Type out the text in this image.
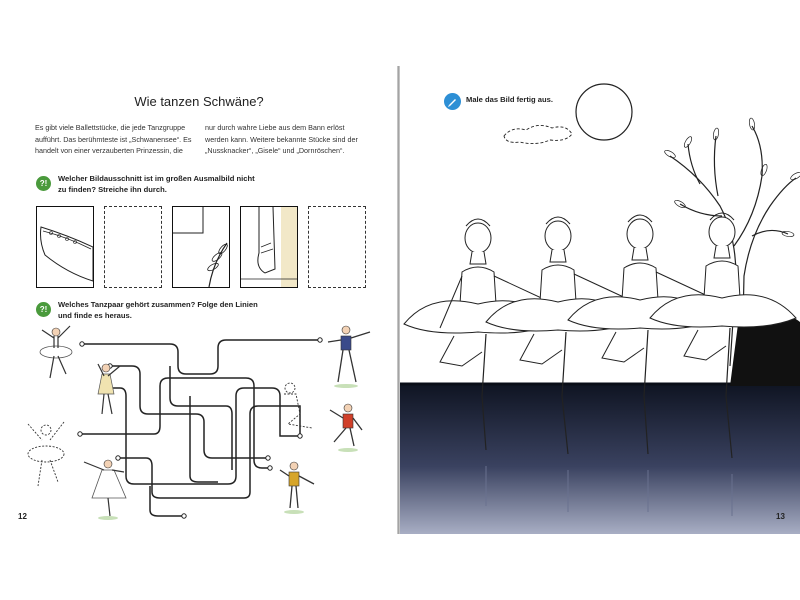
Wie tanzen Schwäne?
Es gibt viele Ballettstücke, die jede Tanzgruppe aufführt. Das berühmteste ist „Schwanensee“. Es handelt von einer verzauberten Prinzessin, die
nur durch wahre Liebe aus dem Bann erlöst werden kann. Weitere bekannte Stücke sind der „Nussknacker“, „Gisele“ und „Dornröschen“.
?!
Welcher Bildausschnitt ist im großen Ausmalbild nicht zu finden? Streiche ihn durch.
?!
Welches Tanzpaar gehört zusammen? Folge den Linien und finde es heraus.
12
Male das Bild fertig aus.
13
